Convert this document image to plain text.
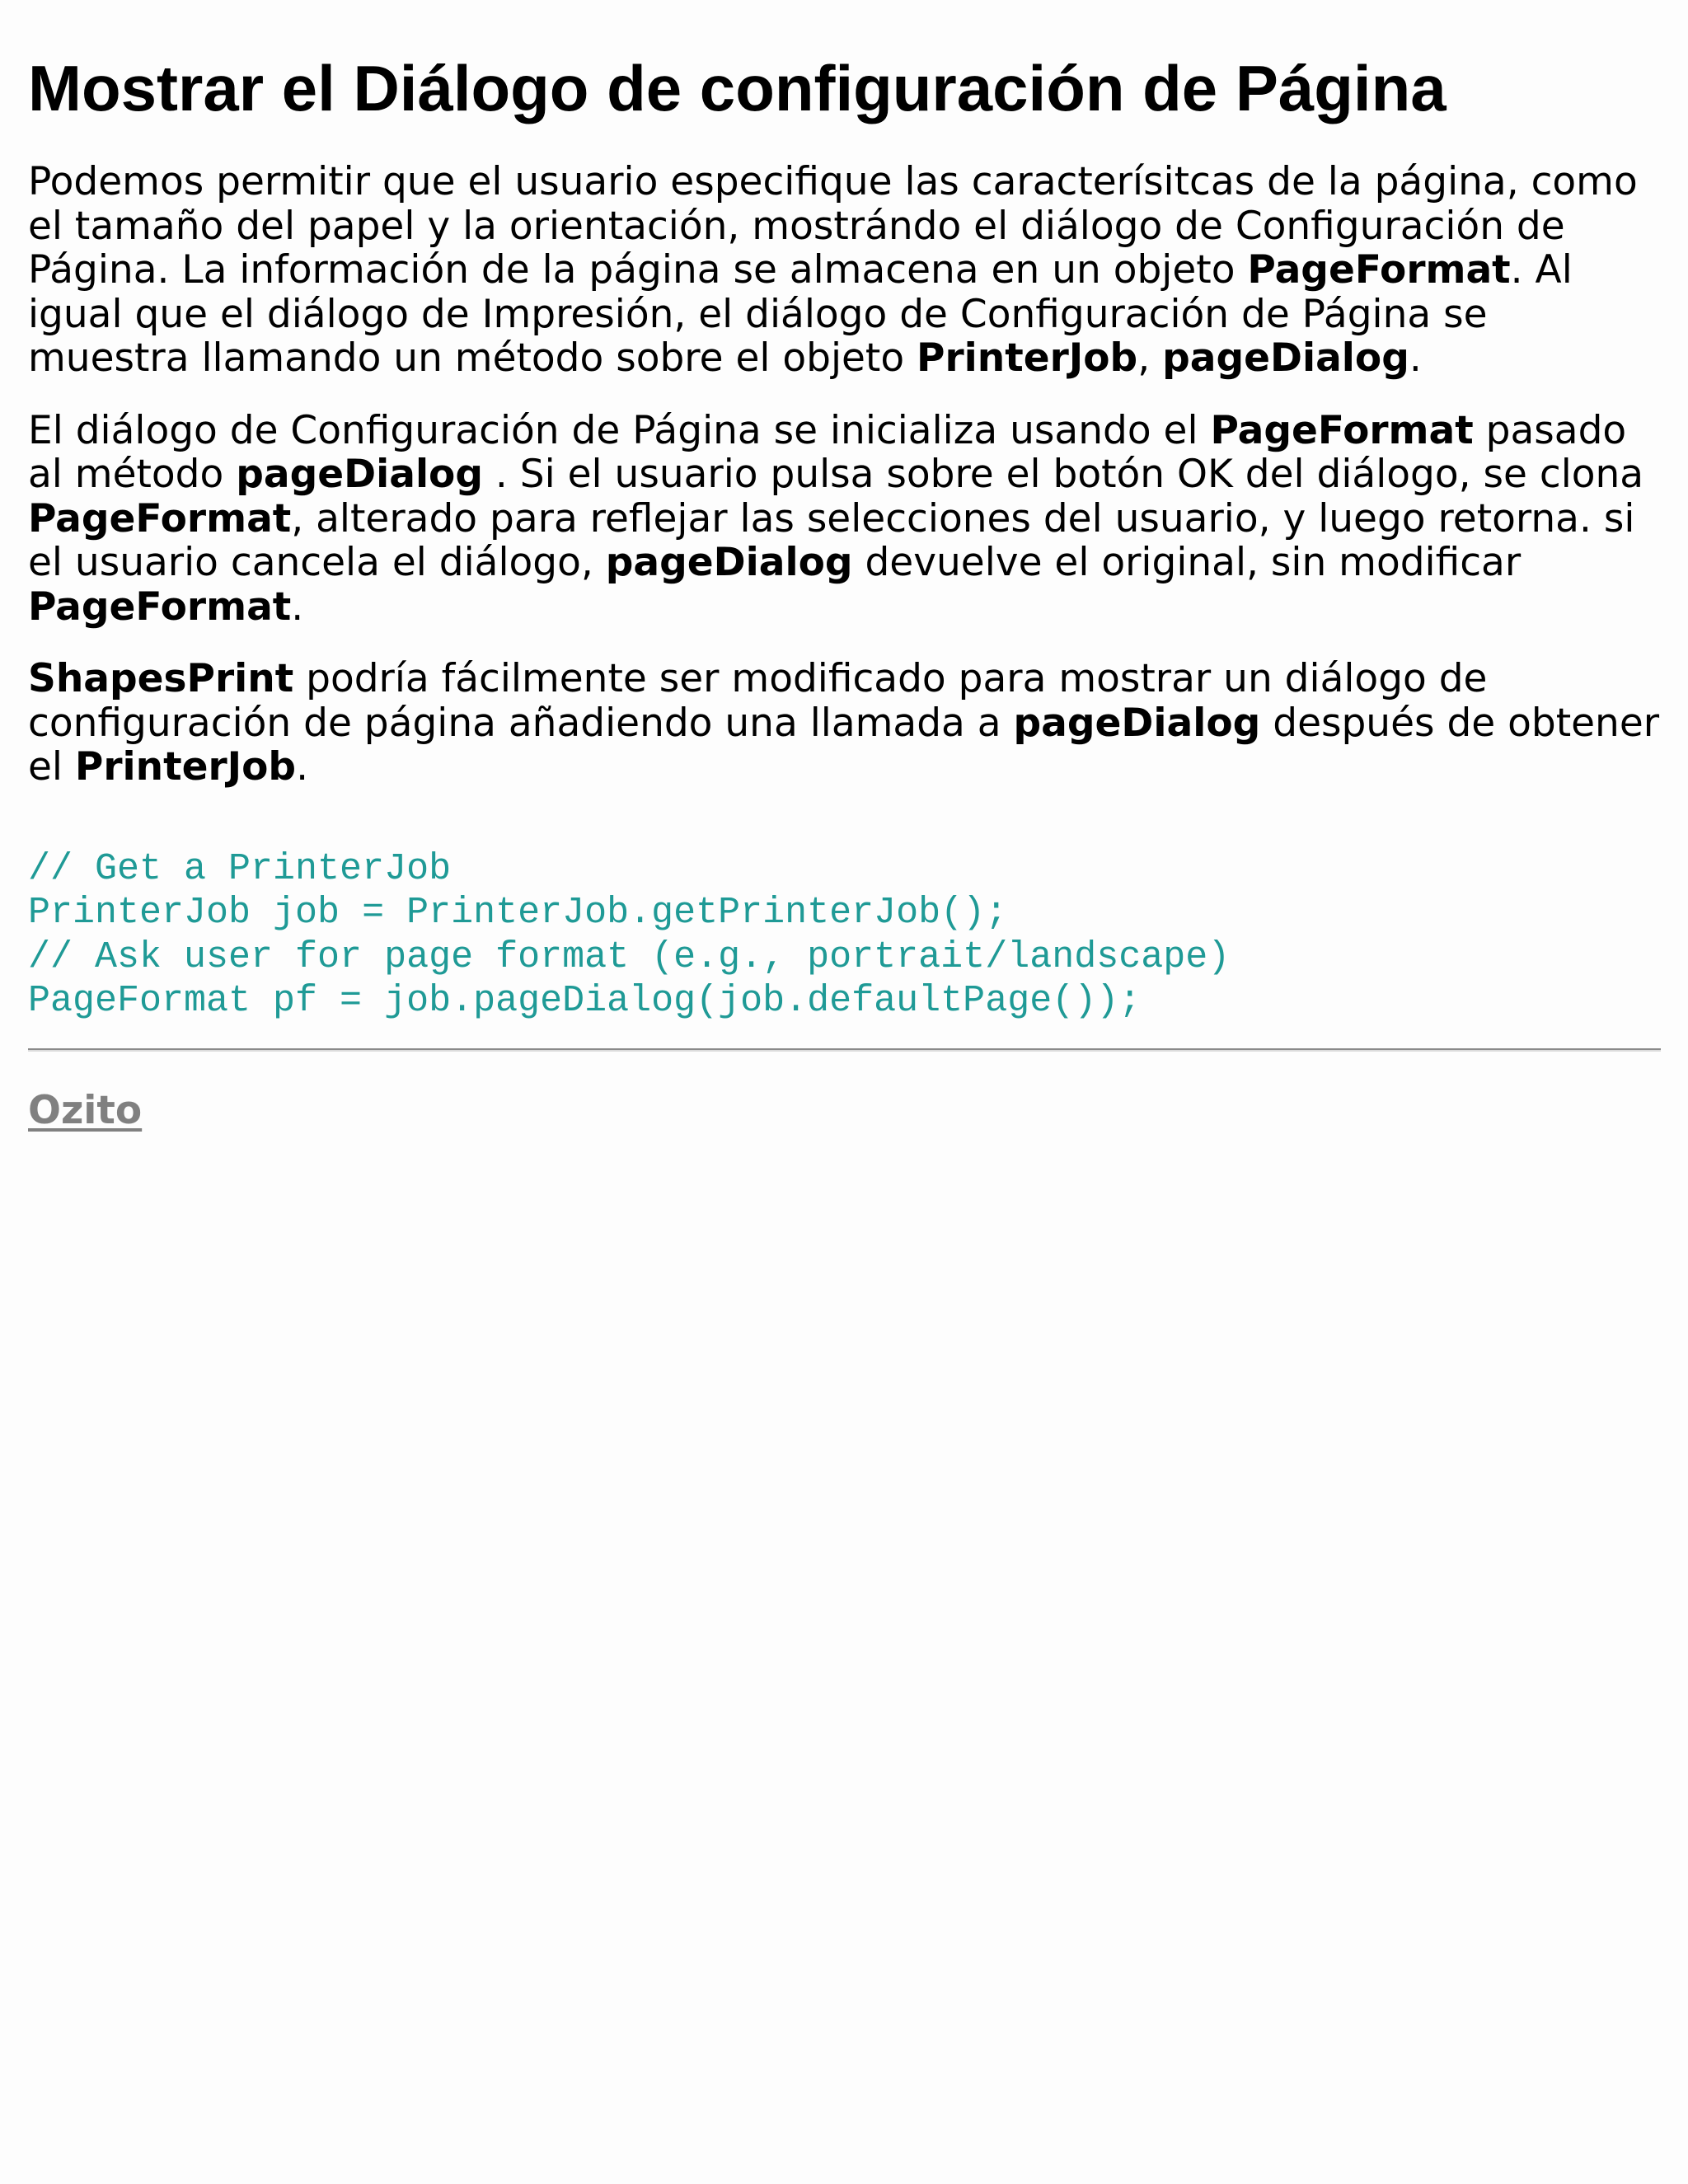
Mostrar el Diálogo de configuración de Página

Podemos permitir que el usuario especifique las caracterísitcas de la página, como el tamaño del papel y la orientación, mostrándo el diálogo de Configuración de Página. La información de la página se almacena en un objeto PageFormat. Al igual que el diálogo de Impresión, el diálogo de Configuración de Página se muestra llamando un método sobre el objeto PrinterJob, pageDialog.

El diálogo de Configuración de Página se inicializa usando el PageFormat pasado al método pageDialog . Si el usuario pulsa sobre el botón OK del diálogo, se clona PageFormat, alterado para reflejar las selecciones del usuario, y luego retorna. si el usuario cancela el diálogo, pageDialog devuelve el original, sin modificar PageFormat.

ShapesPrint podría fácilmente ser modificado para mostrar un diálogo de configuración de página añadiendo una llamada a pageDialog después de obtener el PrinterJob.

// Get a PrinterJob
PrinterJob job = PrinterJob.getPrinterJob();
// Ask user for page format (e.g., portrait/landscape)
PageFormat pf = job.pageDialog(job.defaultPage());
Ozito
